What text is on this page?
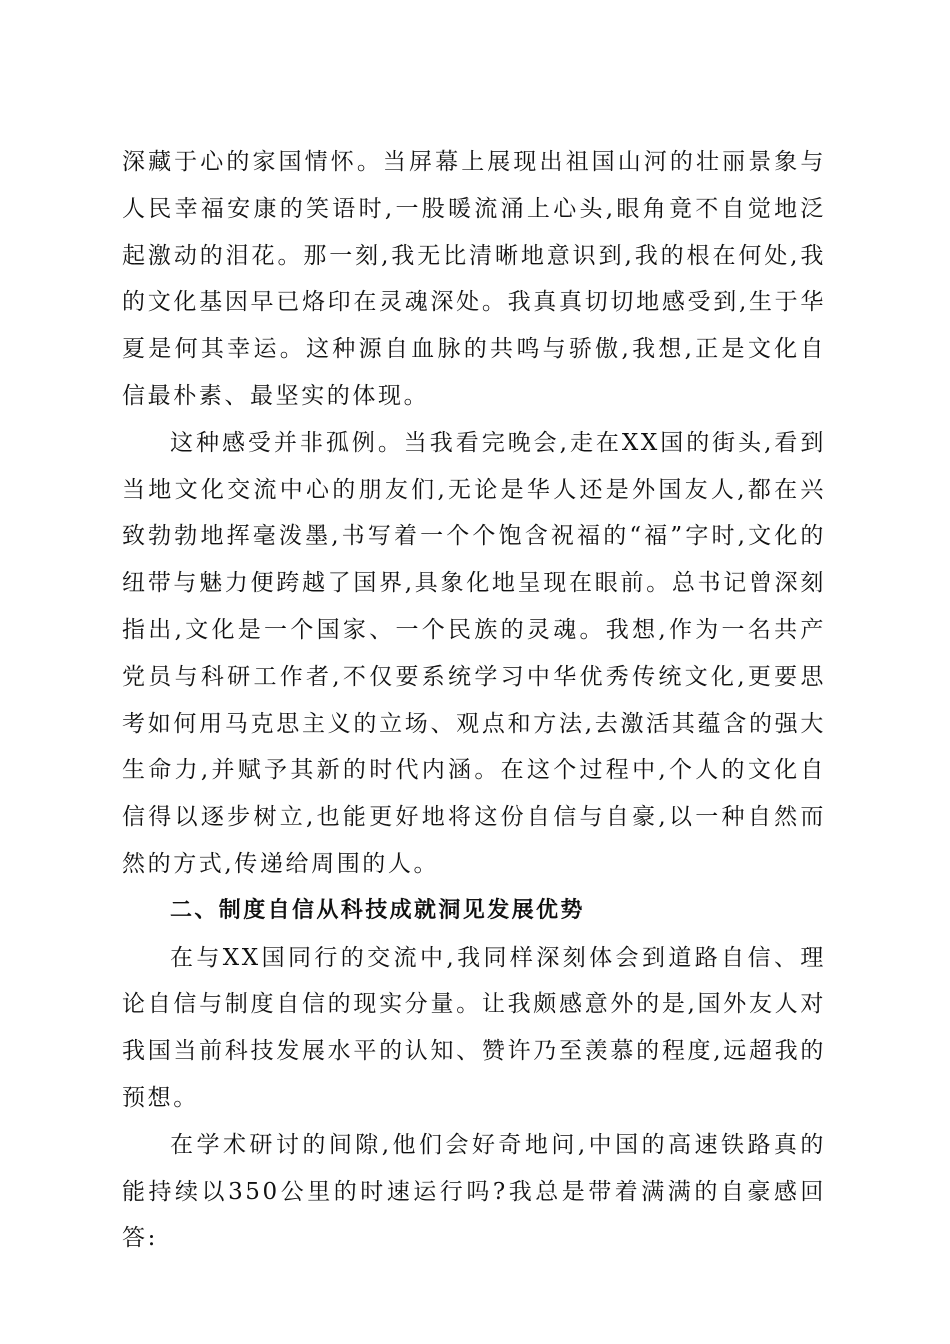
深藏于心的家国情怀。当屏幕上展现出祖国山河的壮丽景象与人民幸福安康的笑语时,一股暖流涌上心头,眼角竟不自觉地泛起激动的泪花。那一刻,我无比清晰地意识到,我的根在何处,我的文化基因早已烙印在灵魂深处。我真真切切地感受到,生于华夏是何其幸运。这种源自血脉的共鸣与骄傲,我想,正是文化自信最朴素、最坚实的体现。

这种感受并非孤例。当我看完晚会,走在XX国的街头,看到当地文化交流中心的朋友们,无论是华人还是外国友人,都在兴致勃勃地挥毫泼墨,书写着一个个饱含祝福的“福”字时,文化的纽带与魅力便跨越了国界,具象化地呈现在眼前。总书记曾深刻指出,文化是一个国家、一个民族的灵魂。我想,作为一名共产党员与科研工作者,不仅要系统学习中华优秀传统文化,更要思考如何用马克思主义的立场、观点和方法,去激活其蕴含的强大生命力,并赋予其新的时代内涵。在这个过程中,个人的文化自信得以逐步树立,也能更好地将这份自信与自豪,以一种自然而然的方式,传递给周围的人。

二、制度自信从科技成就洞见发展优势

在与XX国同行的交流中,我同样深刻体会到道路自信、理论自信与制度自信的现实分量。让我颇感意外的是,国外友人对我国当前科技发展水平的认知、赞许乃至羡慕的程度,远超我的预想。

在学术研讨的间隙,他们会好奇地问,中国的高速铁路真的能持续以350公里的时速运行吗?我总是带着满满的自豪感回答:
